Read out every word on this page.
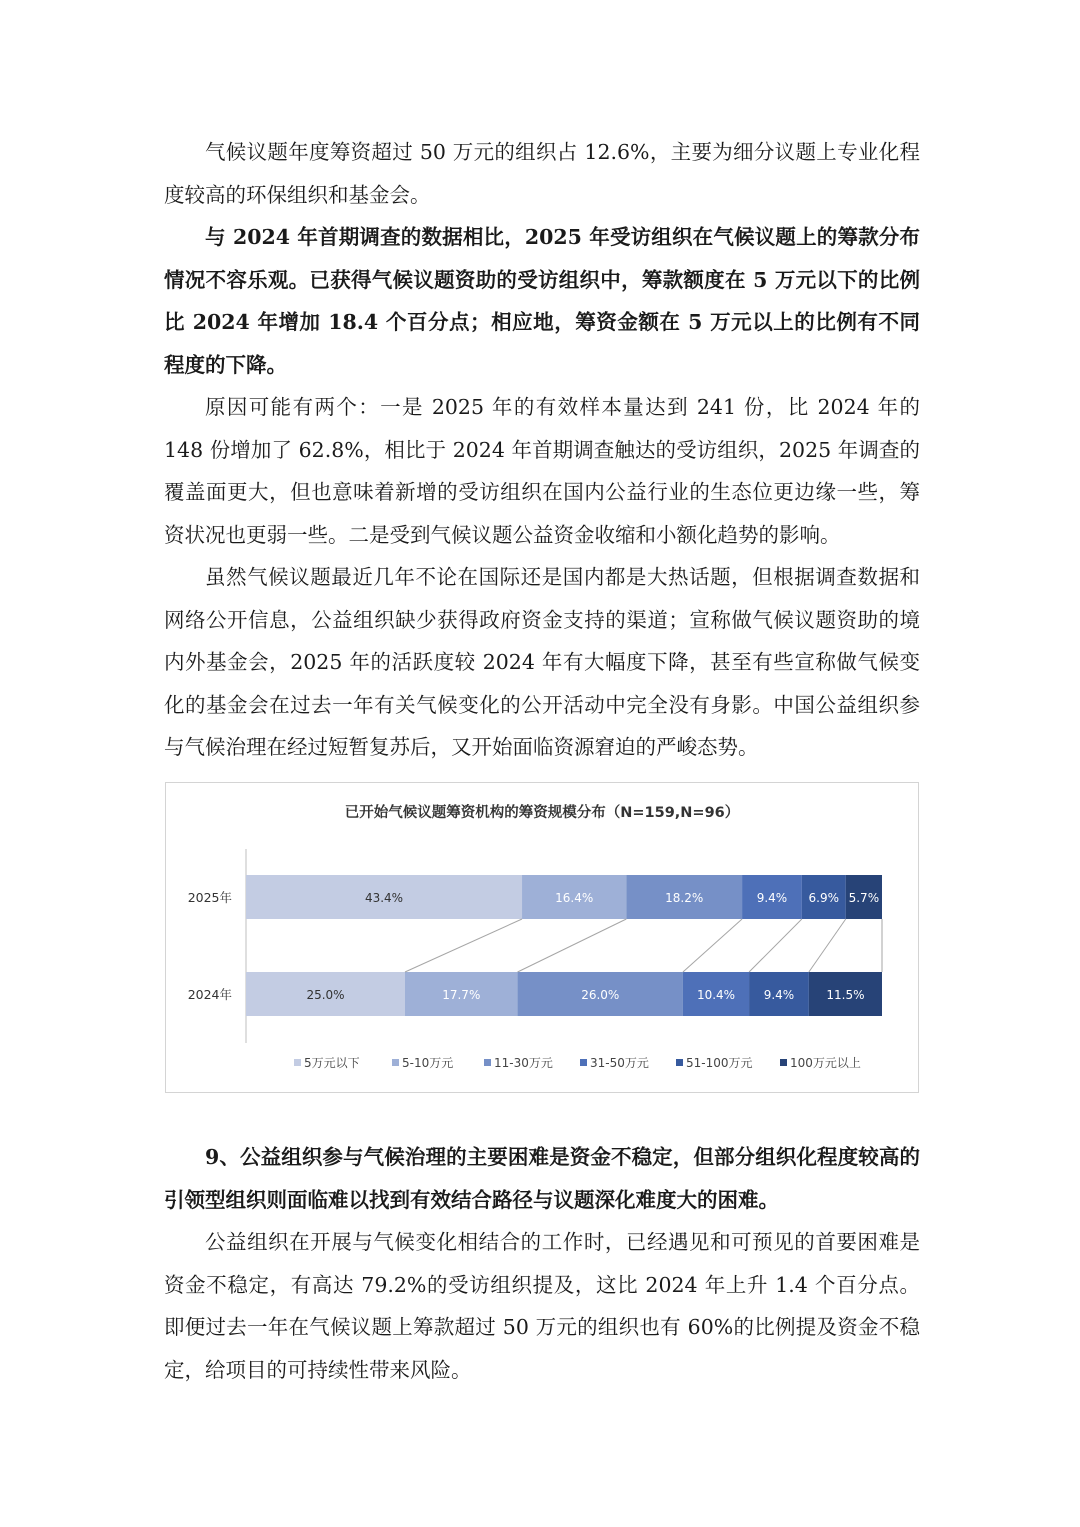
气候议题年度筹资超过 50 万元的组织占 12.6%，主要为细分议题上专业化程度较高的环保组织和基金会。

与 2024 年首期调查的数据相比，2025 年受访组织在气候议题上的筹款分布情况不容乐观。已获得气候议题资助的受访组织中，筹款额度在 5 万元以下的比例比 2024 年增加 18.4 个百分点；相应地，筹资金额在 5 万元以上的比例有不同程度的下降。

原因可能有两个：一是 2025 年的有效样本量达到 241 份，比 2024 年的 148 份增加了 62.8%，相比于 2024 年首期调查触达的受访组织，2025 年调查的覆盖面更大，但也意味着新增的受访组织在国内公益行业的生态位更边缘一些，筹资状况也更弱一些。二是受到气候议题公益资金收缩和小额化趋势的影响。

虽然气候议题最近几年不论在国际还是国内都是大热话题，但根据调查数据和网络公开信息，公益组织缺少获得政府资金支持的渠道；宣称做气候议题资助的境内外基金会，2025 年的活跃度较 2024 年有大幅度下降，甚至有些宣称做气候变化的基金会在过去一年有关气候变化的公开活动中完全没有身影。中国公益组织参与气候治理在经过短暂复苏后，又开始面临资源窘迫的严峻态势。

已开始气候议题筹资机构的筹资规模分布（N=159,N=96）
2025年	43.4%	16.4%	18.2%	9.4% 6.9% 5.7%
2024年	25.0%	17.7%	26.0%	10.4% 9.4%	11.5%
5万元以下	5-10万元	11-30万元	31-50万元	51-100万元	100万元以上

9、公益组织参与气候治理的主要困难是资金不稳定，但部分组织化程度较高的引领型组织则面临难以找到有效结合路径与议题深化难度大的困难。

公益组织在开展与气候变化相结合的工作时，已经遇见和可预见的首要困难是资金不稳定，有高达 79.2%的受访组织提及，这比 2024 年上升 1.4 个百分点。即便过去一年在气候议题上筹款超过 50 万元的组织也有 60%的比例提及资金不稳定，给项目的可持续性带来风险。
